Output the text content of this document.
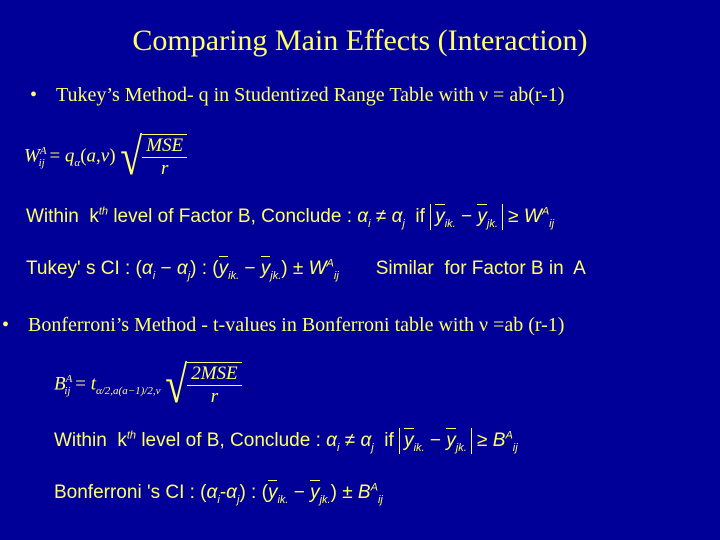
Comparing Main Effects (Interaction)
• Tukey’s Method- q in Studentized Range Table with ν = ab(r-1)
$W^A_{ij} = q_\alpha(a,v)$ √ $\frac{\text{MSE}}{r}$
Within  $k^{th}$ level of Factor B, Conclude : $\alpha_i \ne \alpha_j$  if $y_{ik.} - y_{jk.} \ge W^A_{ij}$
Tukey' s CI : $(\alpha_i - \alpha_j)$ : $(y_{ik.} - y_{jk.}) \pm W^A_{ij}$       Similar  for Factor B in  A
• Bonferroni’s Method - t-values in Bonferroni table with ν =ab (r-1)
$B^A_{ij} = t_{\alpha/2,a(a-1)/2,v}$ √ $\frac{\text{2MSE}}{r}$
Within  $k^{th}$ level of B, Conclude : $\alpha_i \ne \alpha_j$  if $y_{ik.} - y_{jk.} \ge B^A_{ij}$
Bonferroni 's CI : $(\alpha_i-\alpha_j)$ : $(y_{ik.} - y_{jk.}) \pm B^A_{ij}$
